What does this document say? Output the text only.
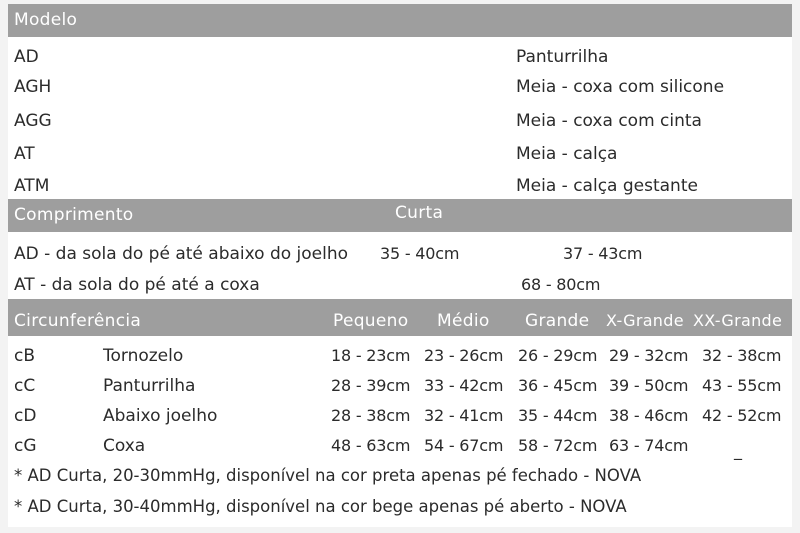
Modelo
AD	Panturrilha
AGH	Meia - coxa com silicone
AGG	Meia - coxa com cinta
AT	Meia - calça
ATM	Meia - calça gestante
Comprimento	Curta
AD - da sola do pé até abaixo do joelho 35 - 40cm	37 - 43cm
AT - da sola do pé até a coxa	68 - 80cm
Circunferência	Pequeno Médio Grande X-Grande XX-Grande
cB	Tornozelo	18 - 23cm 23 - 26cm 26 - 29cm 29 - 32cm 32 - 38cm
cC	Panturrilha	28 - 39cm 33 - 42cm 36 - 45cm 39 - 50cm 43 - 55cm
cD	Abaixo joelho	28 - 38cm 32 - 41cm 35 - 44cm 38 - 46cm 42 - 52cm
cG	Coxa	48 - 63cm 54 - 67cm 58 - 72cm 63 - 74cm	_
* AD Curta, 20-30mmHg, disponível na cor preta apenas pé fechado - NOVA
* AD Curta, 30-40mmHg, disponível na cor bege apenas pé aberto - NOVA
